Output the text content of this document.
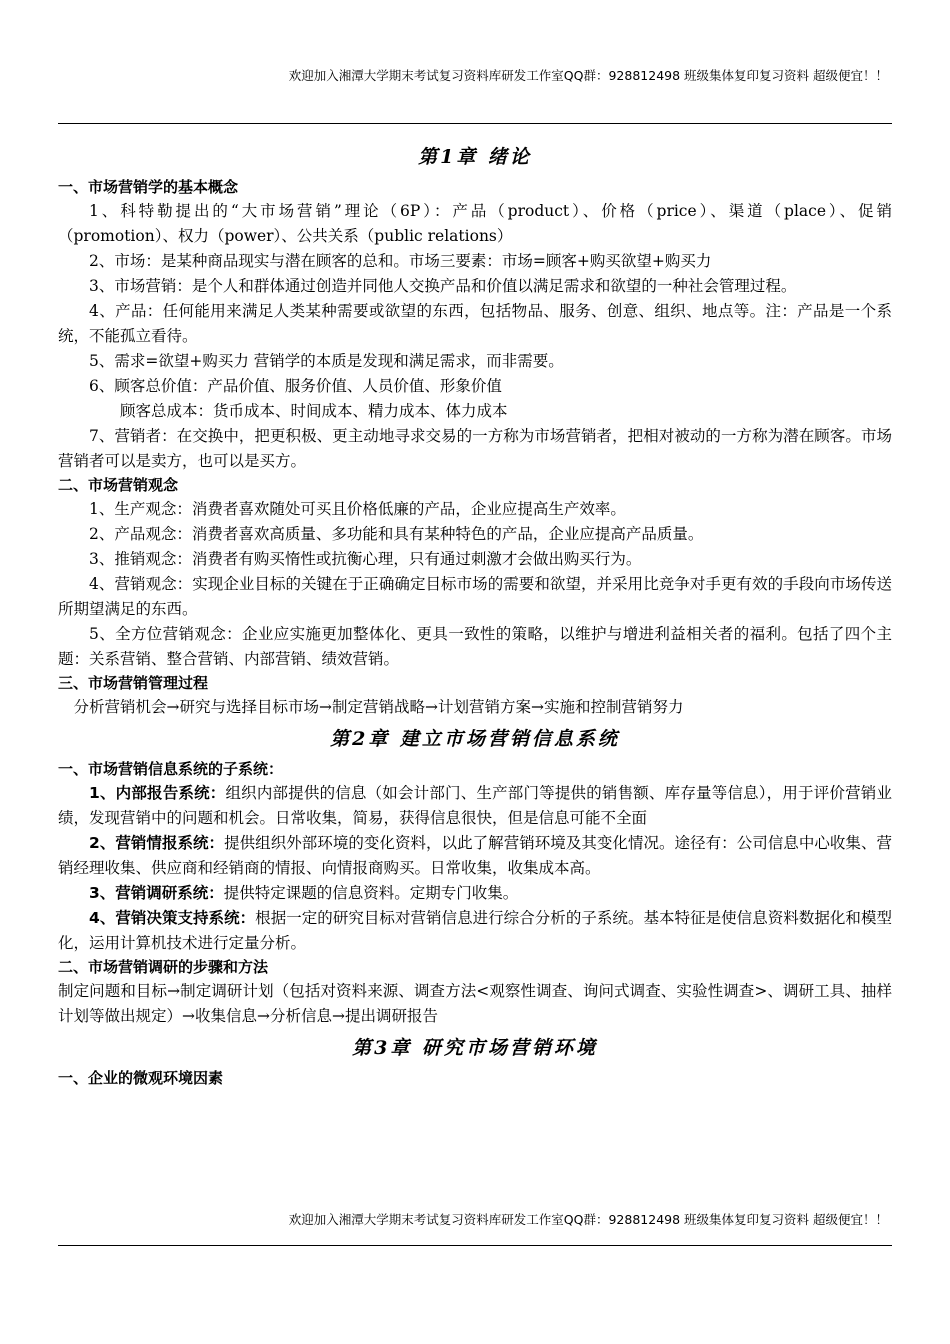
欢迎加入湘潭大学期末考试复习资料库研发工作室QQ群：928812498 班级集体复印复习资料 超级便宜！！
第1章 绪论
一、市场营销学的基本概念

1、科特勒提出的“大市场营销”理论（6P）：产品（product）、价格（price）、渠道（place）、促销（promotion）、权力（power）、公共关系（public relations）

2、市场：是某种商品现实与潜在顾客的总和。市场三要素：市场=顾客+购买欲望+购买力

3、市场营销：是个人和群体通过创造并同他人交换产品和价值以满足需求和欲望的一种社会管理过程。

4、产品：任何能用来满足人类某种需要或欲望的东西，包括物品、服务、创意、组织、地点等。注：产品是一个系统，不能孤立看待。

5、需求=欲望+购买力 营销学的本质是发现和满足需求，而非需要。

6、顾客总价值：产品价值、服务价值、人员价值、形象价值

顾客总成本：货币成本、时间成本、精力成本、体力成本

7、营销者：在交换中，把更积极、更主动地寻求交易的一方称为市场营销者，把相对被动的一方称为潜在顾客。市场营销者可以是卖方，也可以是买方。

二、市场营销观念

1、生产观念：消费者喜欢随处可买且价格低廉的产品，企业应提高生产效率。

2、产品观念：消费者喜欢高质量、多功能和具有某种特色的产品，企业应提高产品质量。

3、推销观念：消费者有购买惰性或抗衡心理，只有通过刺激才会做出购买行为。

4、营销观念：实现企业目标的关键在于正确确定目标市场的需要和欲望，并采用比竞争对手更有效的手段向市场传送所期望满足的东西。

5、全方位营销观念：企业应实施更加整体化、更具一致性的策略，以维护与增进利益相关者的福利。包括了四个主题：关系营销、整合营销、内部营销、绩效营销。

三、市场营销管理过程

分析营销机会→研究与选择目标市场→制定营销战略→计划营销方案→实施和控制营销努力

第2章 建立市场营销信息系统
一、市场营销信息系统的子系统：

1、内部报告系统：组织内部提供的信息（如会计部门、生产部门等提供的销售额、库存量等信息），用于评价营销业绩，发现营销中的问题和机会。日常收集，简易，获得信息很快，但是信息可能不全面

2、营销情报系统：提供组织外部环境的变化资料，以此了解营销环境及其变化情况。途径有：公司信息中心收集、营销经理收集、供应商和经销商的情报、向情报商购买。日常收集，收集成本高。

3、营销调研系统：提供特定课题的信息资料。定期专门收集。

4、营销决策支持系统：根据一定的研究目标对营销信息进行综合分析的子系统。基本特征是使信息资料数据化和模型化，运用计算机技术进行定量分析。

二、市场营销调研的步骤和方法

制定问题和目标→制定调研计划（包括对资料来源、调查方法<观察性调查、询问式调查、实验性调查>、调研工具、抽样计划等做出规定）→收集信息→分析信息→提出调研报告

第3章 研究市场营销环境
一、企业的微观环境因素
欢迎加入湘潭大学期末考试复习资料库研发工作室QQ群：928812498 班级集体复印复习资料 超级便宜！！
